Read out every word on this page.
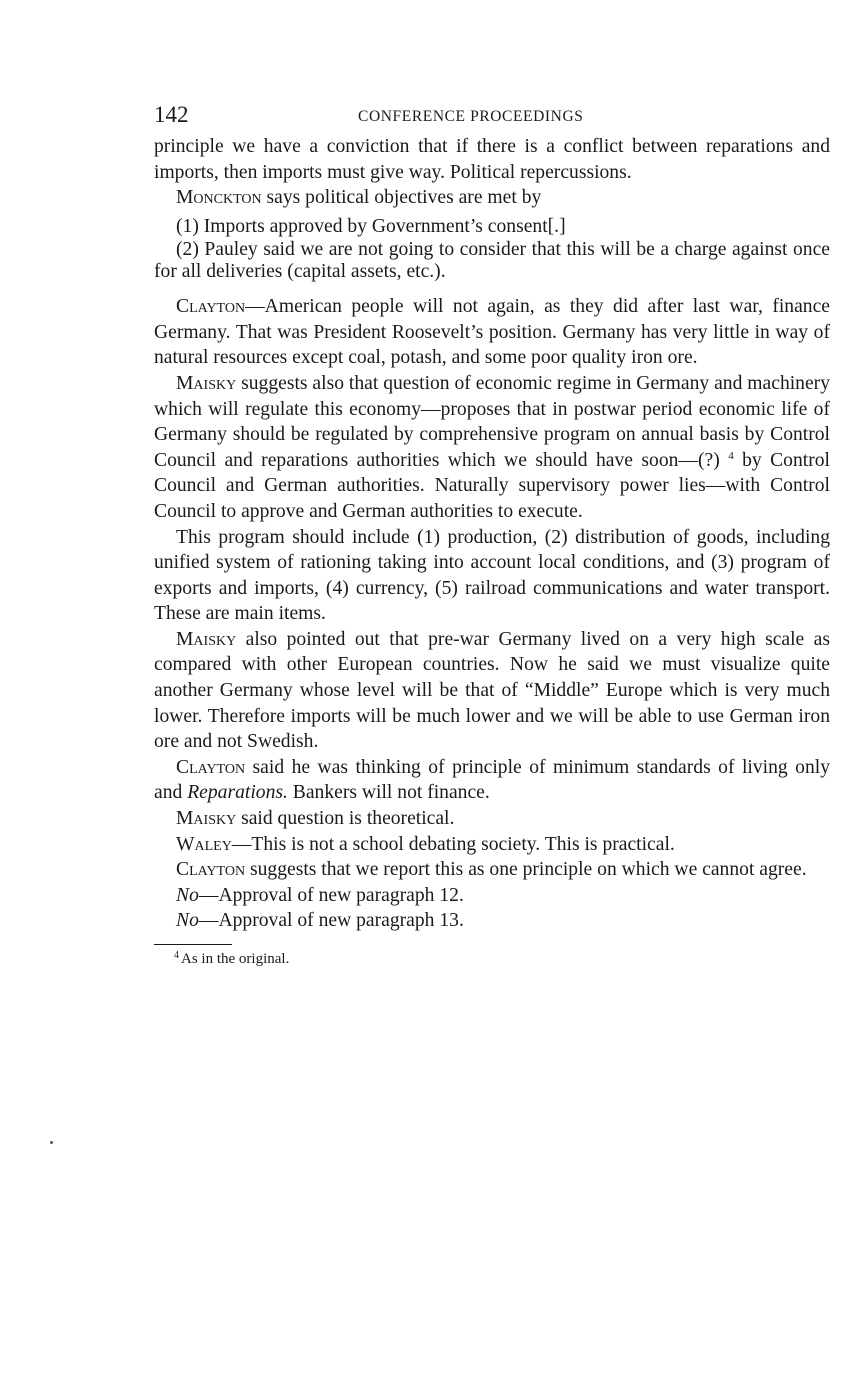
142	CONFERENCE PROCEEDINGS

principle we have a conviction that if there is a conflict between reparations and imports, then imports must give way. Political repercussions.

Monckton says political objectives are met by

(1) Imports approved by Government’s consent[.]

(2) Pauley said we are not going to consider that this will be a charge against once for all deliveries (capital assets, etc.).

Clayton—American people will not again, as they did after last war, finance Germany. That was President Roosevelt’s position. Germany has very little in way of natural resources except coal, potash, and some poor quality iron ore.

Maisky suggests also that question of economic regime in Germany and machinery which will regulate this economy—proposes that in postwar period economic life of Germany should be regulated by comprehensive program on annual basis by Control Council and reparations authorities which we should have soon—(?) $^4$ by Control Council and German authorities. Naturally supervisory power lies—with Control Council to approve and German authorities to execute.

This program should include (1) production, (2) distribution of goods, including unified system of rationing taking into account local conditions, and (3) program of exports and imports, (4) currency, (5) railroad communications and water transport. These are main items.

Maisky also pointed out that pre-war Germany lived on a very high scale as compared with other European countries. Now he said we must visualize quite another Germany whose level will be that of “Middle” Europe which is very much lower. Therefore imports will be much lower and we will be able to use German iron ore and not Swedish.

Clayton said he was thinking of principle of minimum standards of living only and Reparations. Bankers will not finance.

Maisky said question is theoretical.

Waley—This is not a school debating society. This is practical.

Clayton suggests that we report this as one principle on which we cannot agree.

No—Approval of new paragraph 12.

No—Approval of new paragraph 13.

$^4$ As in the original.
